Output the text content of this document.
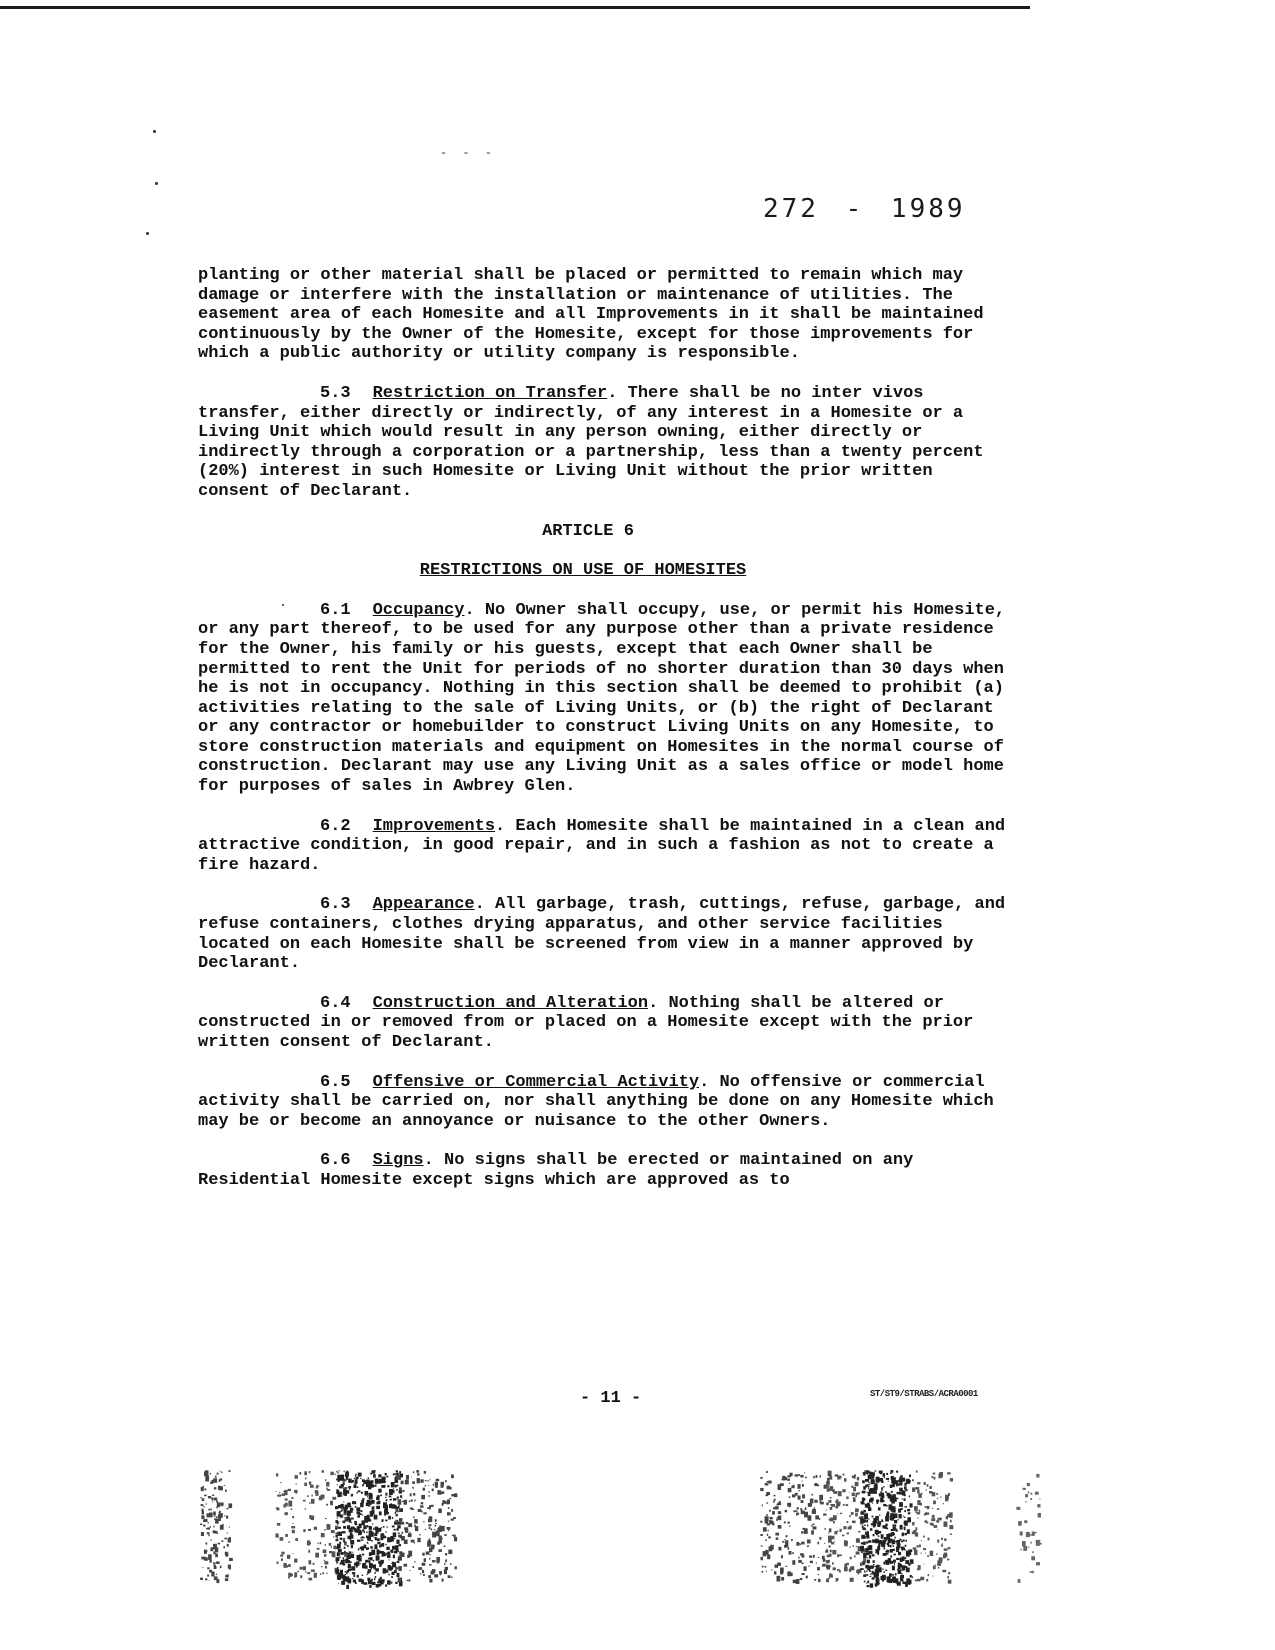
- - -
272 - 1989

planting or other material shall be placed or permitted to remain which may damage or interfere with the installation or maintenance of utilities. The easement area of each Homesite and all Improvements in it shall be maintained continuously by the Owner of the Homesite, except for those improvements for which a public authority or utility company is responsible.

5.3 Restriction on Transfer. There shall be no inter vivos transfer, either directly or indirectly, of any interest in a Homesite or a Living Unit which would result in any person owning, either directly or indirectly through a corporation or a partnership, less than a twenty percent (20%) interest in such Homesite or Living Unit without the prior written consent of Declarant.

ARTICLE 6
RESTRICTIONS ON USE OF HOMESITES

6.1 Occupancy. No Owner shall occupy, use, or permit his Homesite, or any part thereof, to be used for any purpose other than a private residence for the Owner, his family or his guests, except that each Owner shall be permitted to rent the Unit for periods of no shorter duration than 30 days when he is not in occupancy. Nothing in this section shall be deemed to prohibit (a) activities relating to the sale of Living Units, or (b) the right of Declarant or any contractor or homebuilder to construct Living Units on any Homesite, to store construction materials and equipment on Homesites in the normal course of construction. Declarant may use any Living Unit as a sales office or model home for purposes of sales in Awbrey Glen.

6.2 Improvements. Each Homesite shall be maintained in a clean and attractive condition, in good repair, and in such a fashion as not to create a fire hazard.

6.3 Appearance. All garbage, trash, cuttings, refuse, garbage, and refuse containers, clothes drying apparatus, and other service facilities located on each Homesite shall be screened from view in a manner approved by Declarant.

6.4 Construction and Alteration. Nothing shall be altered or constructed in or removed from or placed on a Homesite except with the prior written consent of Declarant.

6.5 Offensive or Commercial Activity. No offensive or commercial activity shall be carried on, nor shall anything be done on any Homesite which may be or become an annoyance or nuisance to the other Owners.

6.6 Signs. No signs shall be erected or maintained on any Residential Homesite except signs which are approved as to

- 11 -	ST/ST9/STRABS/ACRA0001
